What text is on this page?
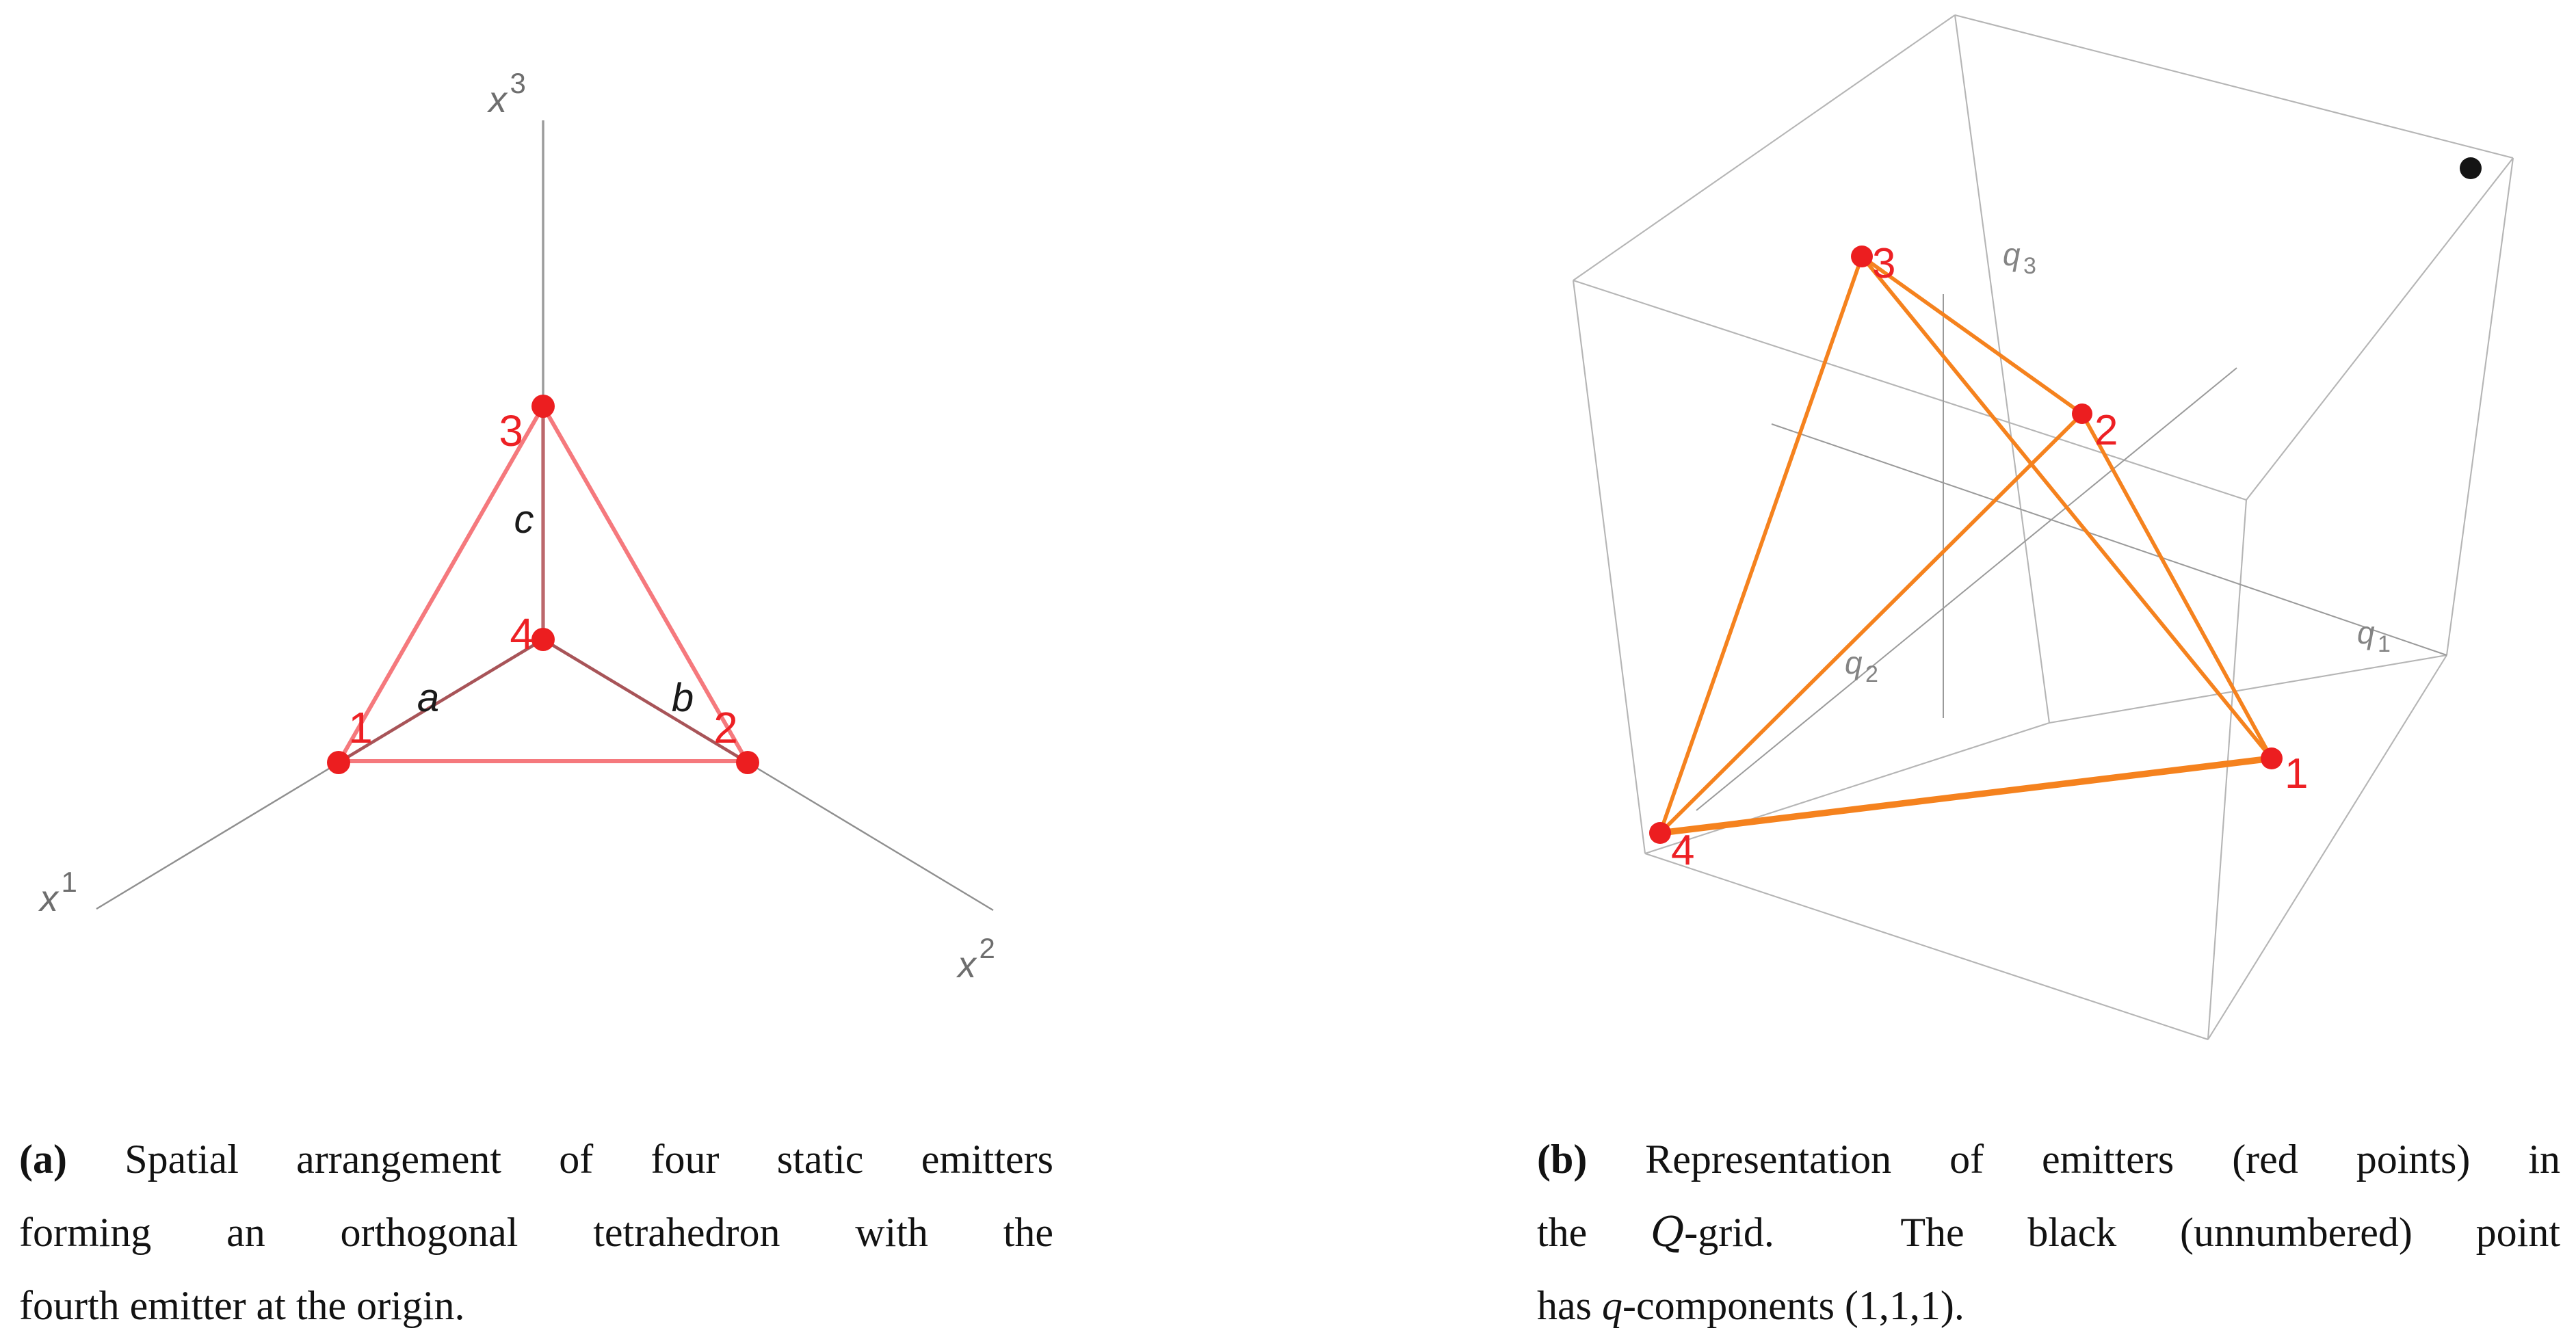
1	2
3
4
a	b
c
x 1
x 2
x 3
1
2
3
4
q 1
q 2
q 3
(a) Spatial arrangement of four static emitters
forming an orthogonal tetrahedron with the
fourth emitter at the origin.
(b) Representation of emitters (red points) in
the Q-grid.  The black (unnumbered) point
has q-components (1,1,1).
